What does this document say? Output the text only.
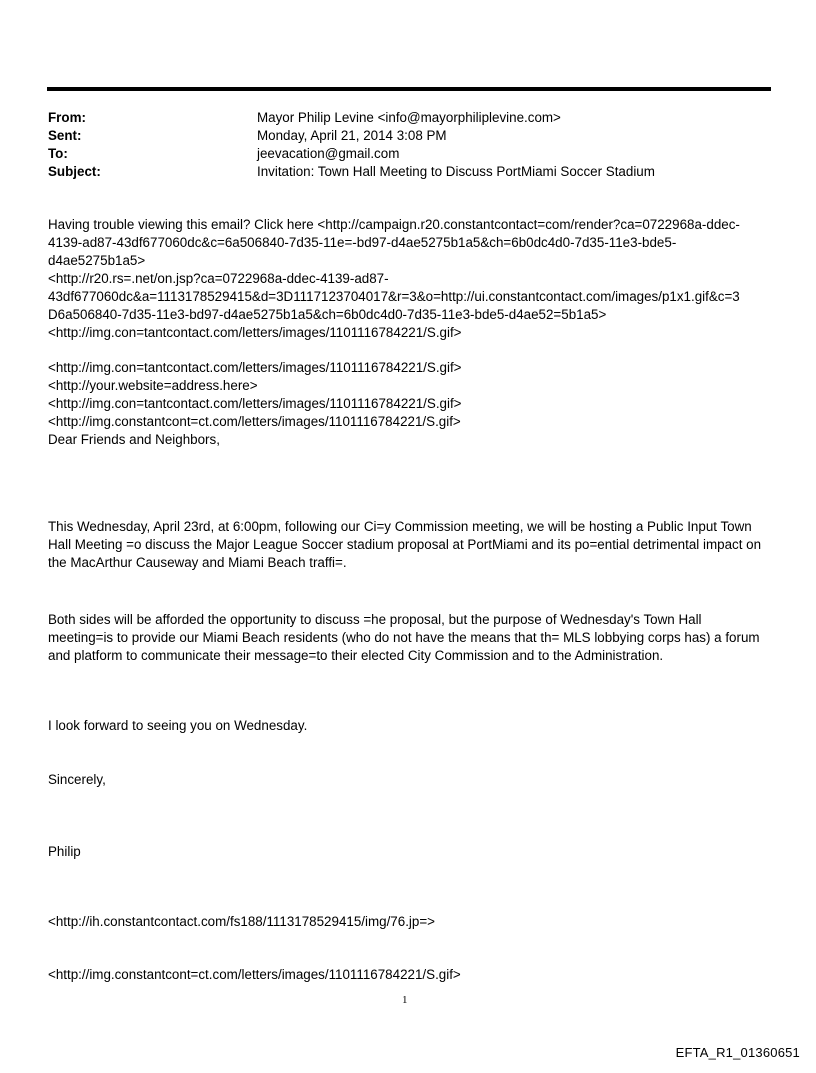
From:	Mayor Philip Levine <info@mayorphiliplevine.com>
Sent:	Monday, April 21, 2014 3:08 PM
To:	jeevacation@gmail.com
Subject:	Invitation: Town Hall Meeting to Discuss PortMiami Soccer Stadium
Having trouble viewing this email? Click here <http://campaign.r20.constantcontact=com/render?ca=0722968a-ddec-
4139-ad87-43df677060dc&c=6a506840-7d35-11e=-bd97-d4ae5275b1a5&ch=6b0dc4d0-7d35-11e3-bde5-
d4ae5275b1a5>
<http://r20.rs=.net/on.jsp?ca=0722968a-ddec-4139-ad87-
43df677060dc&a=1113178529415&d=3D1117123704017&r=3&o=http://ui.constantcontact.com/images/p1x1.gif&c=3
D6a506840-7d35-11e3-bd97-d4ae5275b1a5&ch=6b0dc4d0-7d35-11e3-bde5-d4ae52=5b1a5>
<http://img.con=tantcontact.com/letters/images/1101116784221/S.gif>
<http://img.con=tantcontact.com/letters/images/1101116784221/S.gif>
<http://your.website=address.here>
<http://img.con=tantcontact.com/letters/images/1101116784221/S.gif>
<http://img.constantcont=ct.com/letters/images/1101116784221/S.gif>
Dear Friends and Neighbors,
This Wednesday, April 23rd, at 6:00pm, following our Ci=y Commission meeting, we will be hosting a Public Input Town
Hall Meeting =o discuss the Major League Soccer stadium proposal at PortMiami and its po=ential detrimental impact on
the MacArthur Causeway and Miami Beach traffi=.
Both sides will be afforded the opportunity to discuss =he proposal, but the purpose of Wednesday's Town Hall
meeting=is to provide our Miami Beach residents (who do not have the means that th= MLS lobbying corps has) a forum
and platform to communicate their message=to their elected City Commission and to the Administration.
I look forward to seeing you on Wednesday.
Sincerely,
Philip
<http://ih.constantcontact.com/fs188/1113178529415/img/76.jp=>
<http://img.constantcont=ct.com/letters/images/1101116784221/S.gif>
1
EFTA_R1_01360651
